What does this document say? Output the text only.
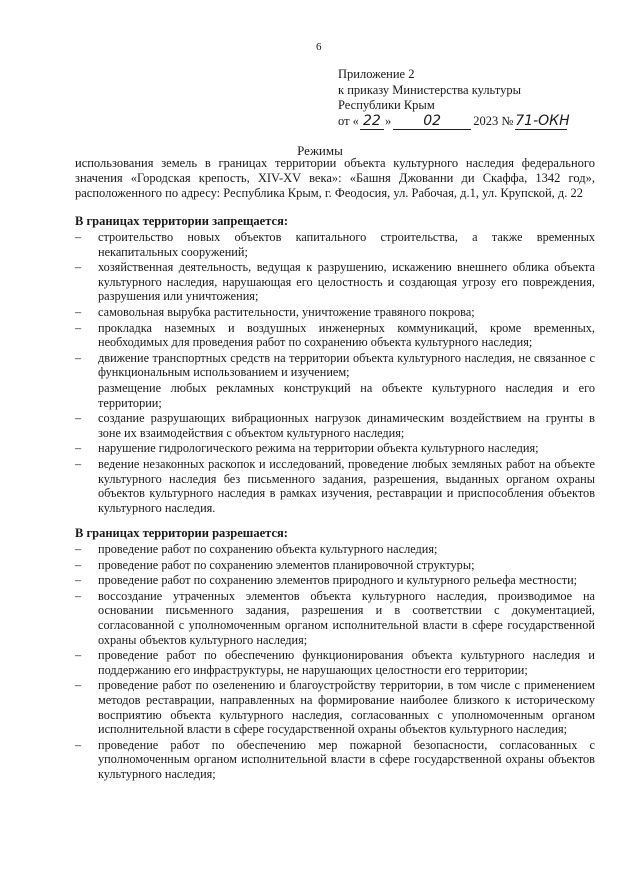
6
Приложение 2
к приказу Министерства культуры
Республики Крым
от « 22 » 02	2023 № 71-ОКН
Режимы
использования земель в границах территории объекта культурного наследия федерального значения «Городская крепость, XIV-XV века»: «Башня Джованни ди Скаффа, 1342 год», расположенного по адресу: Республика Крым, г. Феодосия, ул. Рабочая, д.1, ул. Крупской, д. 22
В границах территории запрещается:
– строительство новых объектов капитального строительства, а также временных некапитальных сооружений;
– хозяйственная деятельность, ведущая к разрушению, искажению внешнего облика объекта культурного наследия, нарушающая его целостность и создающая угрозу его повреждения, разрушения или уничтожения;
– самовольная вырубка растительности, уничтожение травяного покрова;
– прокладка наземных и воздушных инженерных коммуникаций, кроме временных, необходимых для проведения работ по сохранению объекта культурного наследия;
– движение транспортных средств на территории объекта культурного наследия, не связанное с функциональным использованием и изучением;
размещение любых рекламных конструкций на объекте культурного наследия и его территории;
– создание разрушающих вибрационных нагрузок динамическим воздействием на грунты в зоне их взаимодействия с объектом культурного наследия;
– нарушение гидрологического режима на территории объекта культурного наследия;
– ведение незаконных раскопок и исследований, проведение любых земляных работ на объекте культурного наследия без письменного задания, разрешения, выданных органом охраны объектов культурного наследия в рамках изучения, реставрации и приспособления объектов культурного наследия.
В границах территории разрешается:
– проведение работ по сохранению объекта культурного наследия;
– проведение работ по сохранению элементов планировочной структуры;
– проведение работ по сохранению элементов природного и культурного рельефа местности;
– воссоздание утраченных элементов объекта культурного наследия, производимое на основании письменного задания, разрешения и в соответствии с документацией, согласованной с уполномоченным органом исполнительной власти в сфере государственной охраны объектов культурного наследия;
– проведение работ по обеспечению функционирования объекта культурного наследия и поддержанию его инфраструктуры, не нарушающих целостности его территории;
– проведение работ по озеленению и благоустройству территории, в том числе с применением методов реставрации, направленных на формирование наиболее близкого к историческому восприятию объекта культурного наследия, согласованных с уполномоченным органом исполнительной власти в сфере государственной охраны объектов культурного наследия;
– проведение работ по обеспечению мер пожарной безопасности, согласованных с уполномоченным органом исполнительной власти в сфере государственной охраны объектов культурного наследия;
